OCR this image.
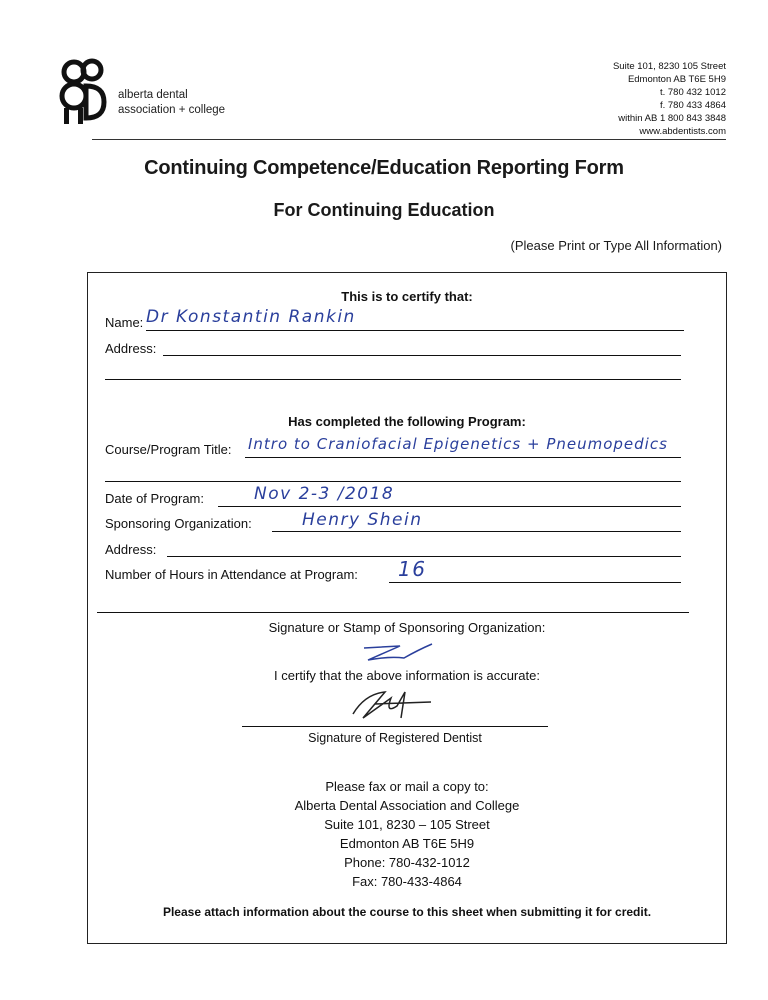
alberta dental
association + college
Suite 101, 8230 105 Street
Edmonton AB T6E 5H9
t. 780 432 1012
f. 780 433 4864
within AB 1 800 843 3848
www.abdentists.com
Continuing Competence/Education Reporting Form
For Continuing Education
(Please Print or Type All Information)
This is to certify that:
Name: Dr Konstantin Rankin
Address:
Has completed the following Program:
Course/Program Title: Intro to Craniofacial Epigenetics + Pneumopedics
Date of Program:	Nov 2-3 /2018
Sponsoring Organization:	Henry Shein
Address:
Number of Hours in Attendance at Program: 16
Signature or Stamp of Sponsoring Organization:
I certify that the above information is accurate:
Signature of Registered Dentist
Please fax or mail a copy to:
Alberta Dental Association and College
Suite 101, 8230 – 105 Street
Edmonton AB T6E 5H9
Phone: 780-432-1012
Fax: 780-433-4864
Please attach information about the course to this sheet when submitting it for credit.
